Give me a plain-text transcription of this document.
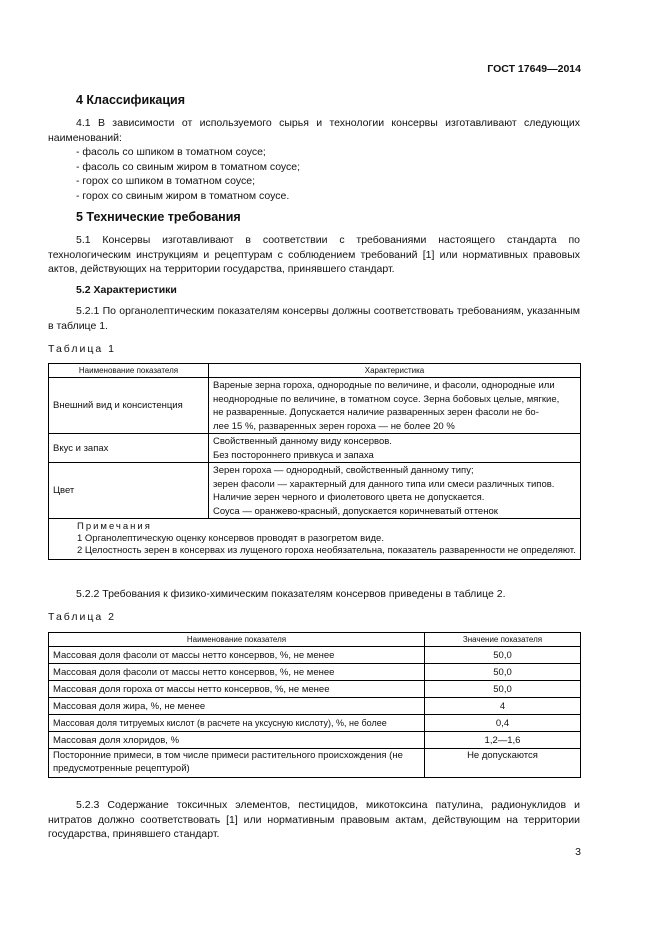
ГОСТ 17649—2014
4 Классификация
4.1 В зависимости от используемого сырья и технологии консервы изготавливают следующих наименований:
- фасоль со шпиком в томатном соусе;
- фасоль со свиным жиром в томатном соусе;
- горох со шпиком в томатном соусе;
- горох со свиным жиром в томатном соусе.
5 Технические требования
5.1 Консервы изготавливают в соответствии с требованиями настоящего стандарта по технологическим инструкциям и рецептурам с соблюдением требований [1] или нормативных правовых актов, действующих на территории государства, принявшего стандарт.
5.2 Характеристики
5.2.1 По органолептическим показателям консервы должны соответствовать требованиям, указанным в таблице 1.
Таблица 1
Наименование показателя	Характеристика
Внешний вид и консистенция	Вареные зерна гороха, однородные по величине, и фасоли, однородные или
неоднородные по величине, в томатном соусе. Зерна бобовых целые, мягкие,
не разваренные. Допускается наличие разваренных зерен фасоли не бо-
лее 15 %, разваренных зерен гороха — не более 20 %

Вкус и запах	Свойственный данному виду консервов.
Без постороннего привкуса и запаха

Цвет	Зерен гороха — однородный, свойственный данному типу;
зерен фасоли — характерный для данного типа или смеси различных типов.
Наличие зерен черного и фиолетового цвета не допускается.
Соуса — оранжево-красный, допускается коричневатый оттенок

Примечания
1 Органолептическую оценку консервов проводят в разогретом виде.
2 Целостность зерен в консервах из лущеного гороха необязательна, показатель разваренности не определяют.	
5.2.2 Требования к физико-химическим показателям консервов приведены в таблице 2.
Таблица 2
Наименование показателя	Значение показателя
Массовая доля фасоли от массы нетто консервов, %, не менее	50,0
Массовая доля фасоли от массы нетто консервов, %, не менее	50,0
Массовая доля гороха от массы нетто консервов, %, не менее	50,0
Массовая доля жира, %, не менее	4
Массовая доля титруемых кислот (в расчете на уксусную кислоту), %, не более	0,4
Массовая доля хлоридов, %	1,2—1,6
Посторонние примеси, в том числе примеси растительного происхождения (не предусмотренные рецептурой)	Не допускаются
5.2.3 Содержание токсичных элементов, пестицидов, микотоксина патулина, радионуклидов и нитратов должно соответствовать [1] или нормативным правовым актам, действующим на территории государства, принявшего стандарт.
3
